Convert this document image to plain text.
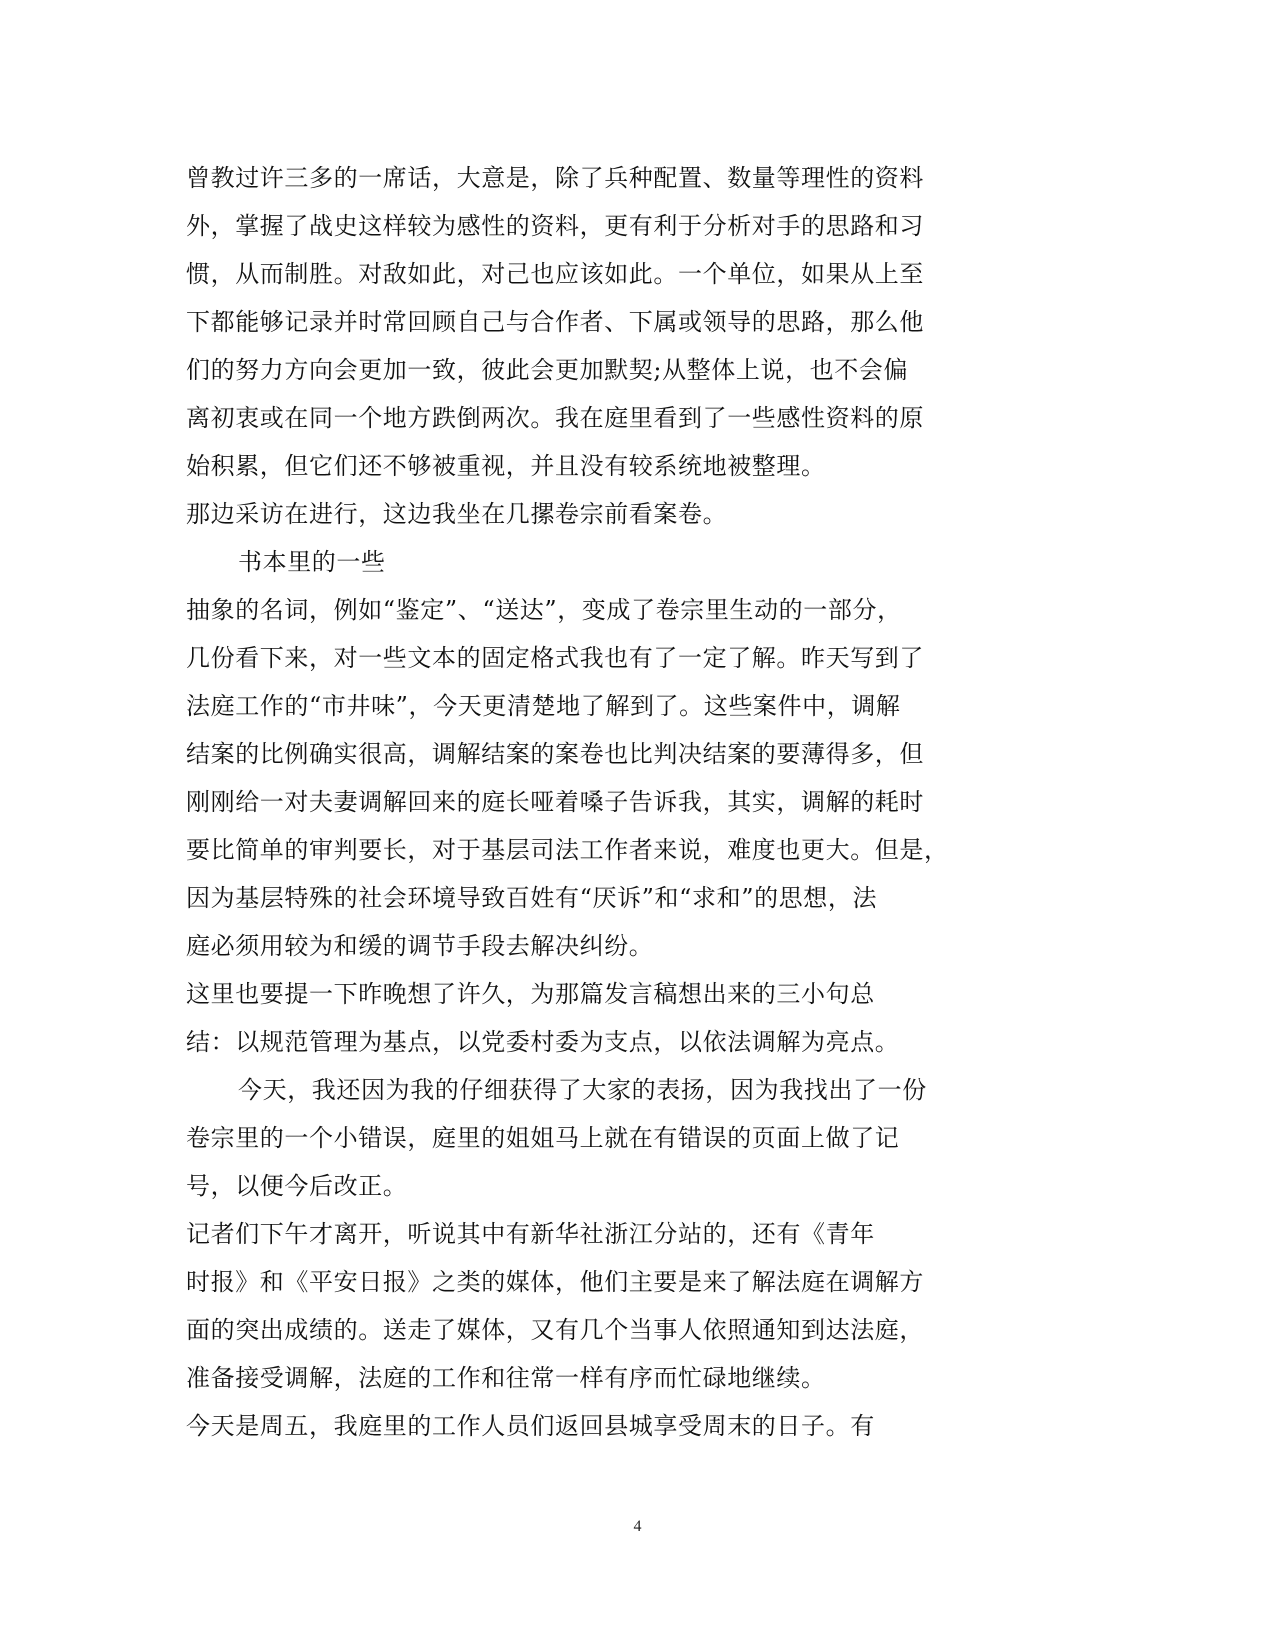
曾教过许三多的一席话，大意是，除了兵种配置、数量等理性的资料
外，掌握了战史这样较为感性的资料，更有利于分析对手的思路和习
惯，从而制胜。对敌如此，对己也应该如此。一个单位，如果从上至
下都能够记录并时常回顾自己与合作者、下属或领导的思路，那么他
们的努力方向会更加一致，彼此会更加默契;从整体上说，也不会偏
离初衷或在同一个地方跌倒两次。我在庭里看到了一些感性资料的原
始积累，但它们还不够被重视，并且没有较系统地被整理。
那边采访在进行，这边我坐在几摞卷宗前看案卷。
书本里的一些
抽象的名词，例如“鉴定”、“送达”，变成了卷宗里生动的一部分，
几份看下来，对一些文本的固定格式我也有了一定了解。昨天写到了
法庭工作的“市井味”，今天更清楚地了解到了。这些案件中，调解
结案的比例确实很高，调解结案的案卷也比判决结案的要薄得多，但
刚刚给一对夫妻调解回来的庭长哑着嗓子告诉我，其实，调解的耗时
要比简单的审判要长，对于基层司法工作者来说，难度也更大。但是，
因为基层特殊的社会环境导致百姓有“厌诉”和“求和”的思想，法
庭必须用较为和缓的调节手段去解决纠纷。
这里也要提一下昨晚想了许久，为那篇发言稿想出来的三小句总
结：以规范管理为基点，以党委村委为支点，以依法调解为亮点。
今天，我还因为我的仔细获得了大家的表扬，因为我找出了一份
卷宗里的一个小错误，庭里的姐姐马上就在有错误的页面上做了记
号，以便今后改正。
记者们下午才离开，听说其中有新华社浙江分站的，还有《青年
时报》和《平安日报》之类的媒体，他们主要是来了解法庭在调解方
面的突出成绩的。送走了媒体，又有几个当事人依照通知到达法庭，
准备接受调解，法庭的工作和往常一样有序而忙碌地继续。
今天是周五，我庭里的工作人员们返回县城享受周末的日子。有
4
